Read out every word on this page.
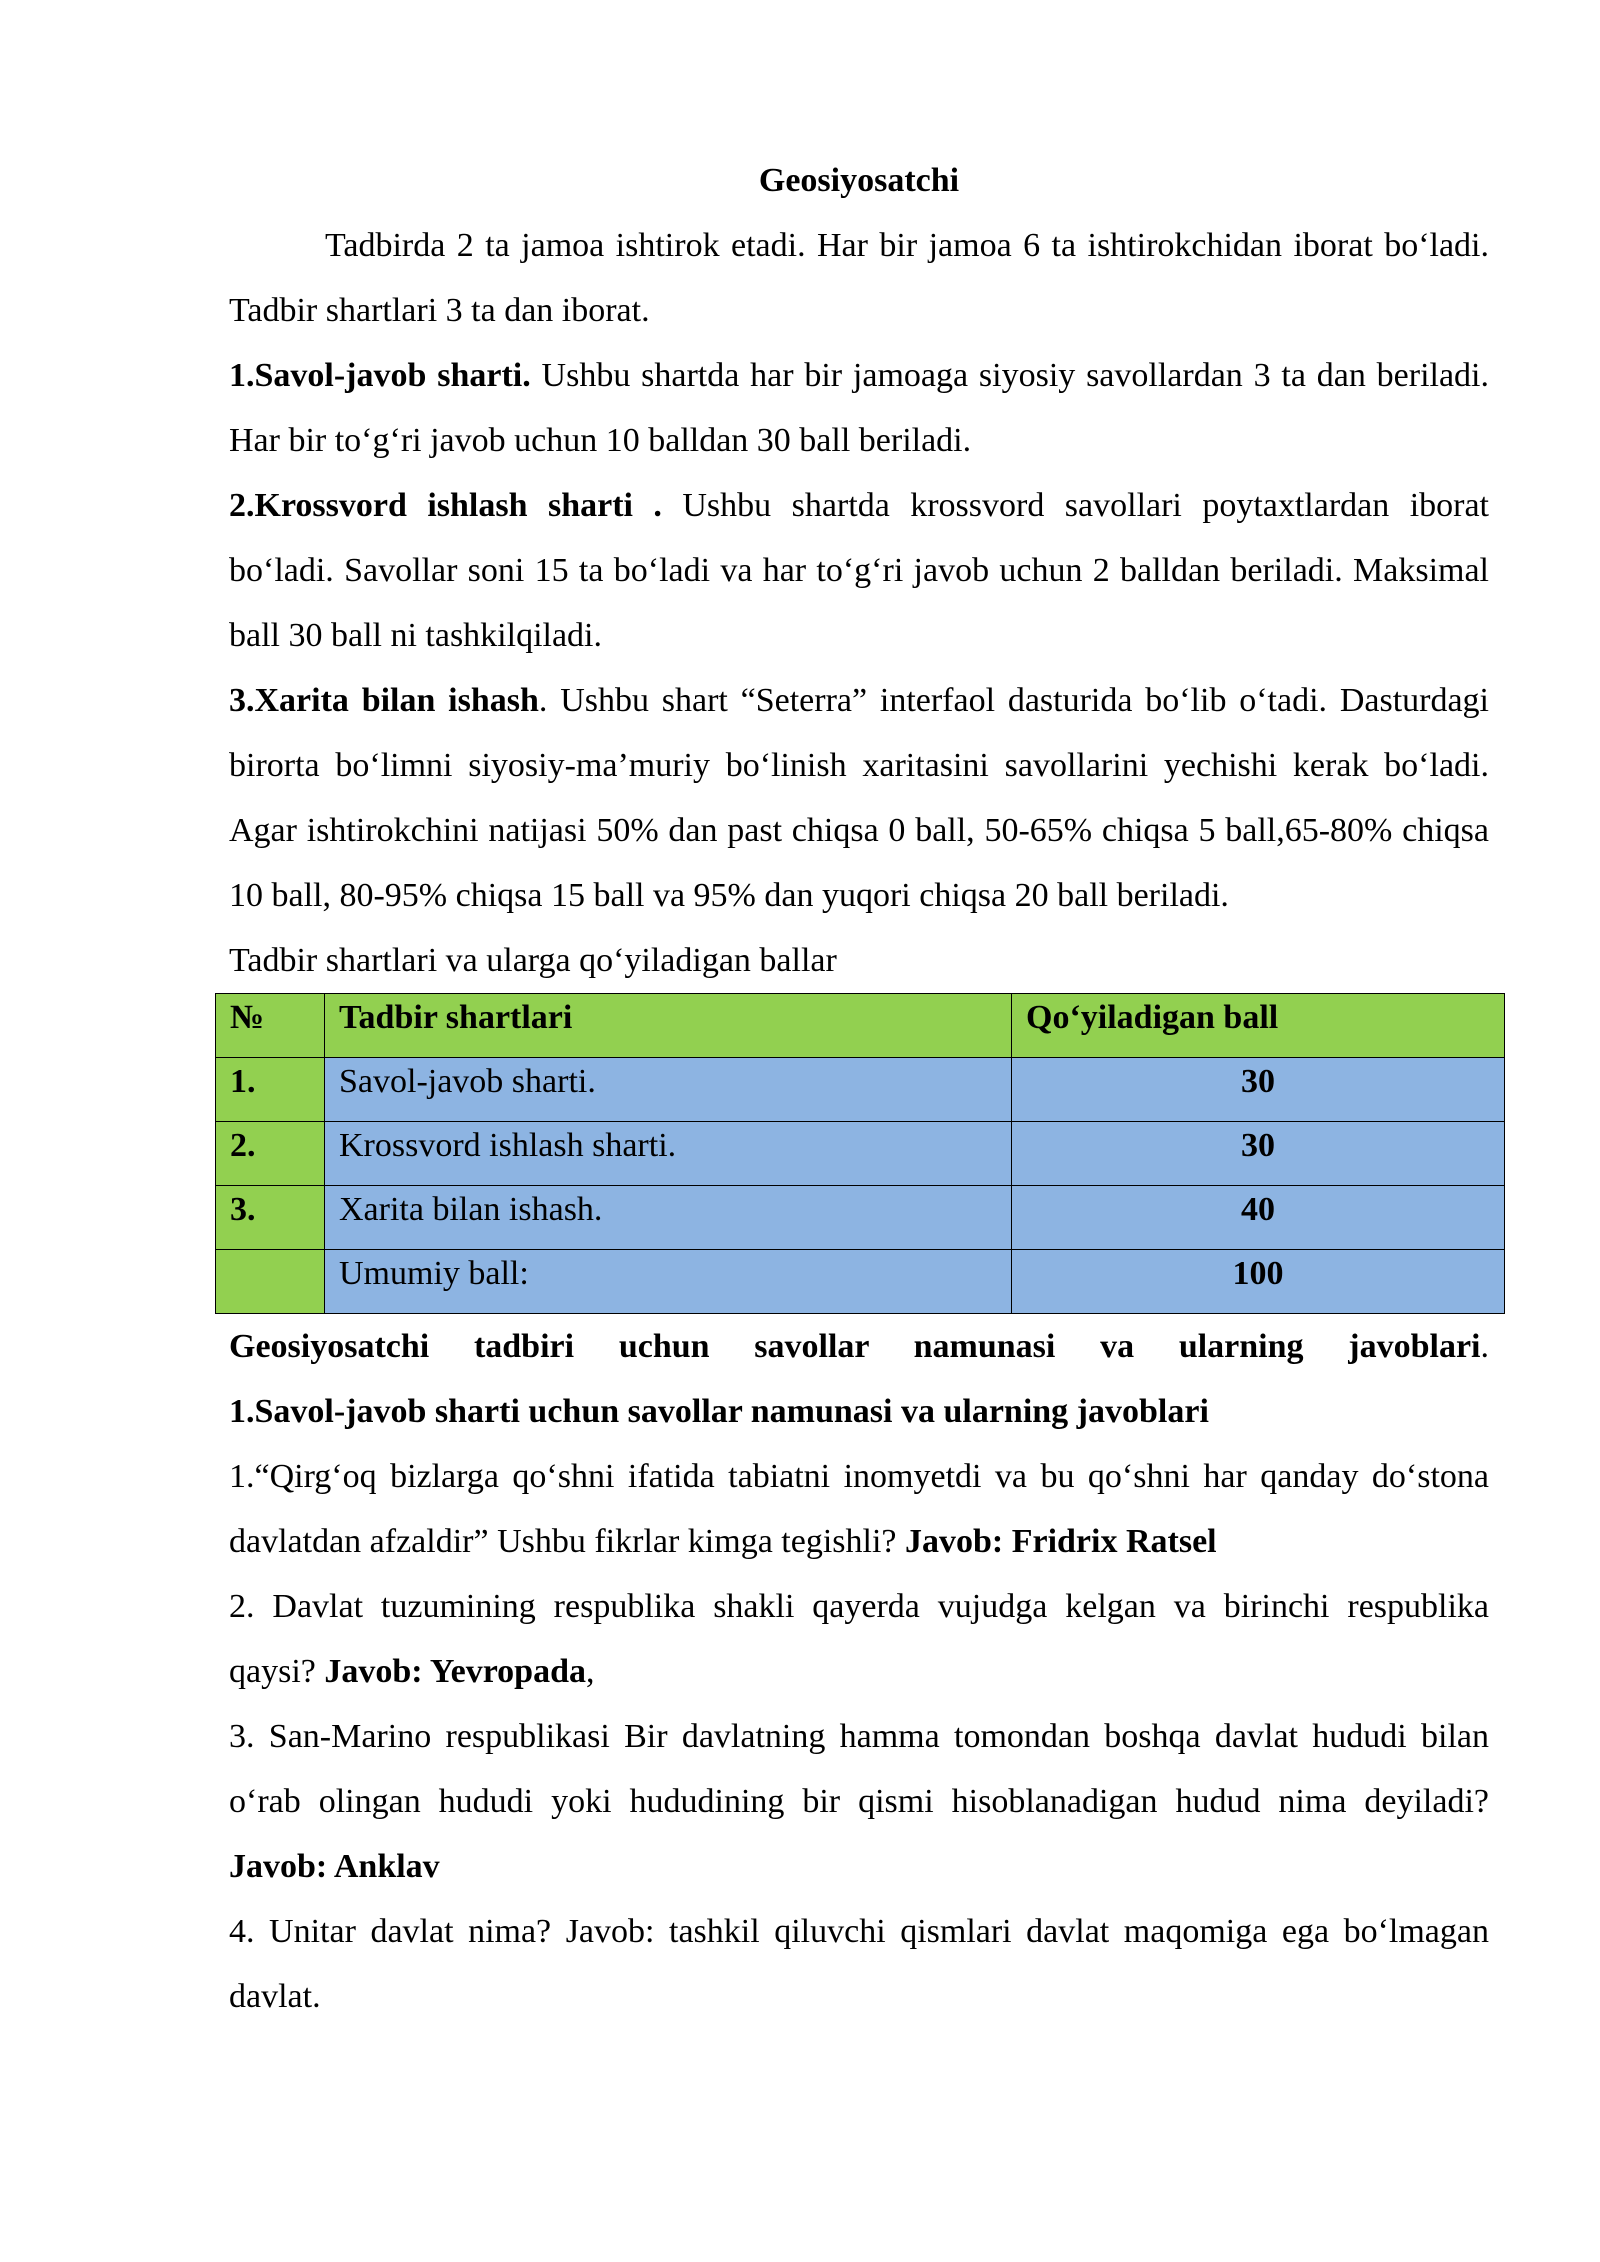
Geosiyosatchi
Tadbirda 2 ta jamoa ishtirok etadi. Har bir jamoa 6 ta ishtirokchidan iborat bo‘ladi. Tadbir shartlari 3 ta dan iborat.
1.Savol-javob sharti. Ushbu shartda har bir jamoaga siyosiy savollardan 3 ta dan beriladi. Har bir to‘g‘ri javob uchun 10 balldan 30 ball beriladi.
2.Krossvord ishlash sharti . Ushbu shartda krossvord savollari poytaxtlardan iborat bo‘ladi. Savollar soni 15 ta bo‘ladi va har to‘g‘ri javob uchun 2 balldan beriladi. Maksimal ball 30 ball ni tashkilqiladi.
3.Xarita bilan ishash. Ushbu shart “Seterra” interfaol dasturida bo‘lib o‘tadi. Dasturdagi birorta bo‘limni siyosiy-ma’muriy bo‘linish xaritasini savollarini yechishi kerak bo‘ladi. Agar ishtirokchini natijasi 50% dan past chiqsa 0 ball, 50-65% chiqsa 5 ball,65-80% chiqsa 10 ball, 80-95% chiqsa 15 ball va 95% dan yuqori chiqsa 20 ball beriladi.
Tadbir shartlari va ularga qo‘yiladigan ballar
№	Tadbir shartlari	Qo‘yiladigan ball
1.	Savol-javob sharti.	30
2.	Krossvord ishlash sharti.	30
3.	Xarita bilan ishash.	40
	Umumiy ball:	100
Geosiyosatchi tadbiri uchun savollar namunasi va ularning javoblari.
1.Savol-javob sharti uchun savollar namunasi va ularning javoblari
1.“Qirg‘oq bizlarga qo‘shni ifatida tabiatni inomyetdi va bu qo‘shni har qanday do‘stona davlatdan afzaldir” Ushbu fikrlar kimga tegishli? Javob: Fridrix Ratsel
2. Davlat tuzumining respublika shakli qayerda vujudga kelgan va birinchi respublika qaysi? Javob: Yevropada,
3. San-Marino respublikasi Bir davlatning hamma tomondan boshqa davlat hududi bilan o‘rab olingan hududi yoki hududining bir qismi hisoblanadigan hudud nima deyiladi? Javob: Anklav
4. Unitar davlat nima? Javob: tashkil qiluvchi qismlari davlat maqomiga ega bo‘lmagan davlat.
